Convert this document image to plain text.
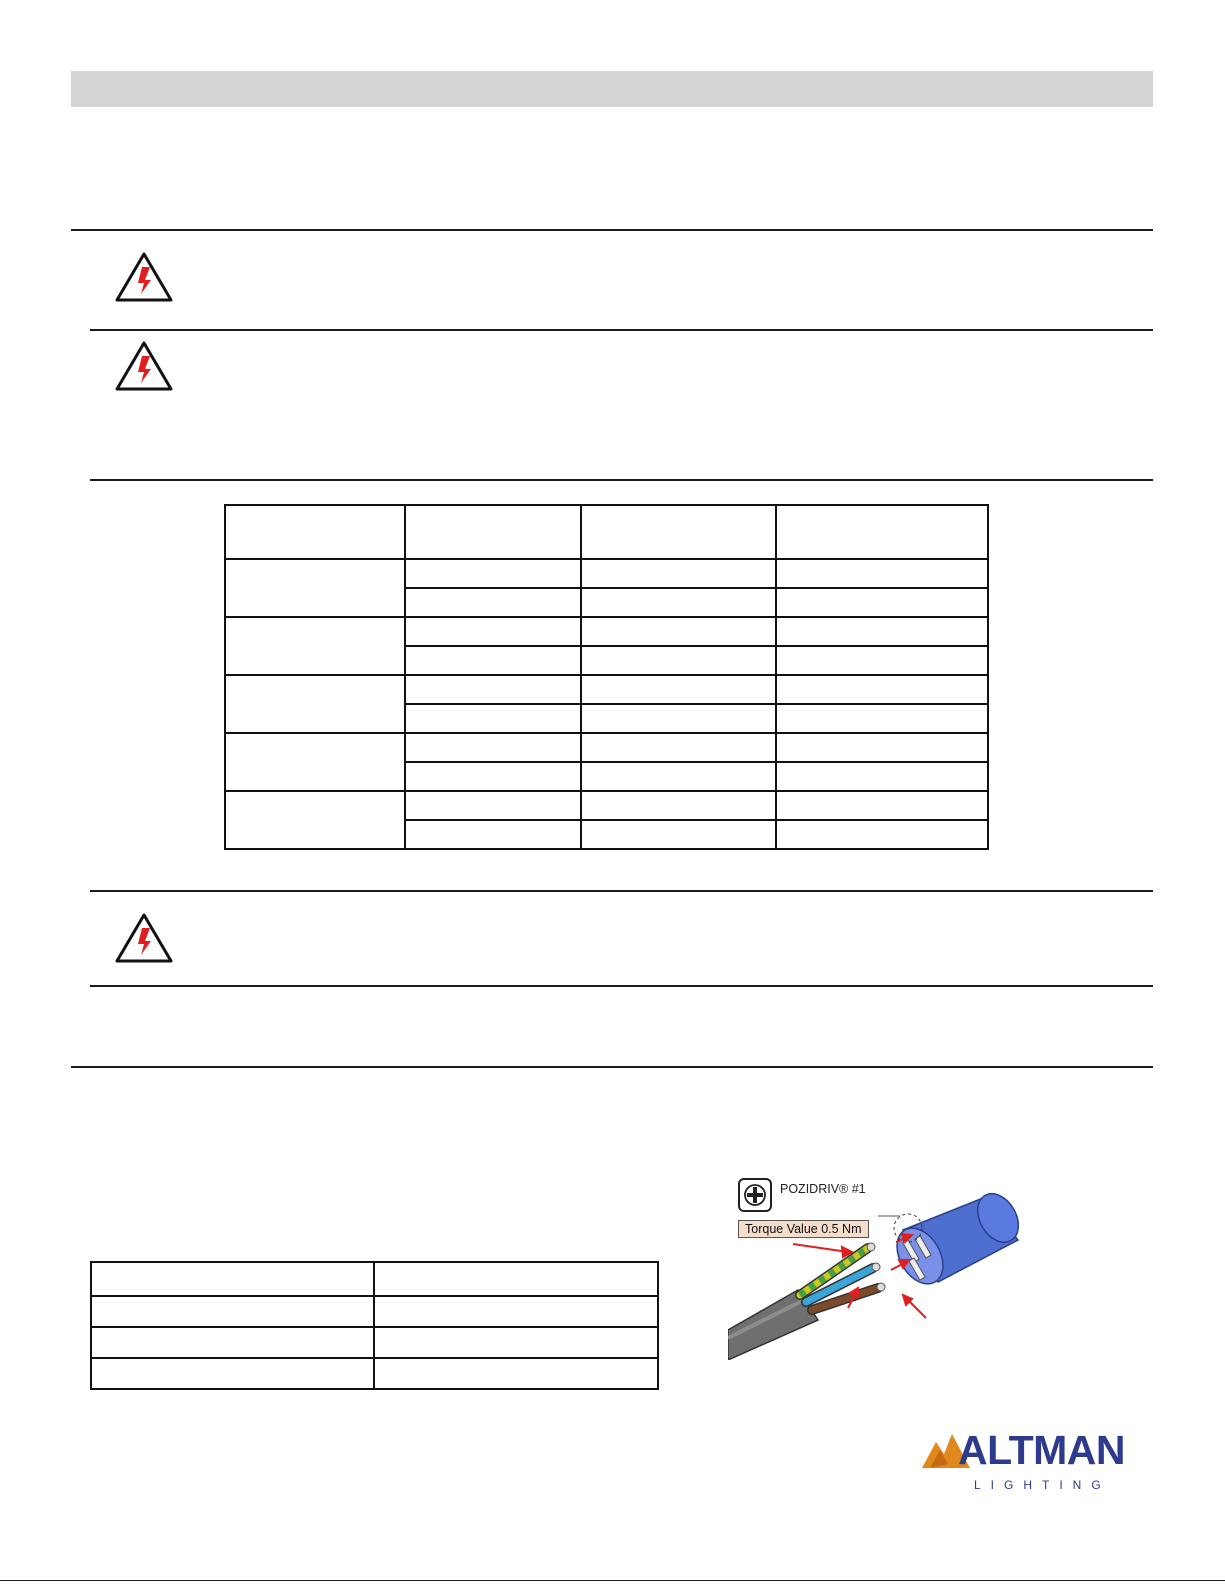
POZIDRIV® #1
Torque Value 0.5 Nm
ALTMAN
LIGHTING
